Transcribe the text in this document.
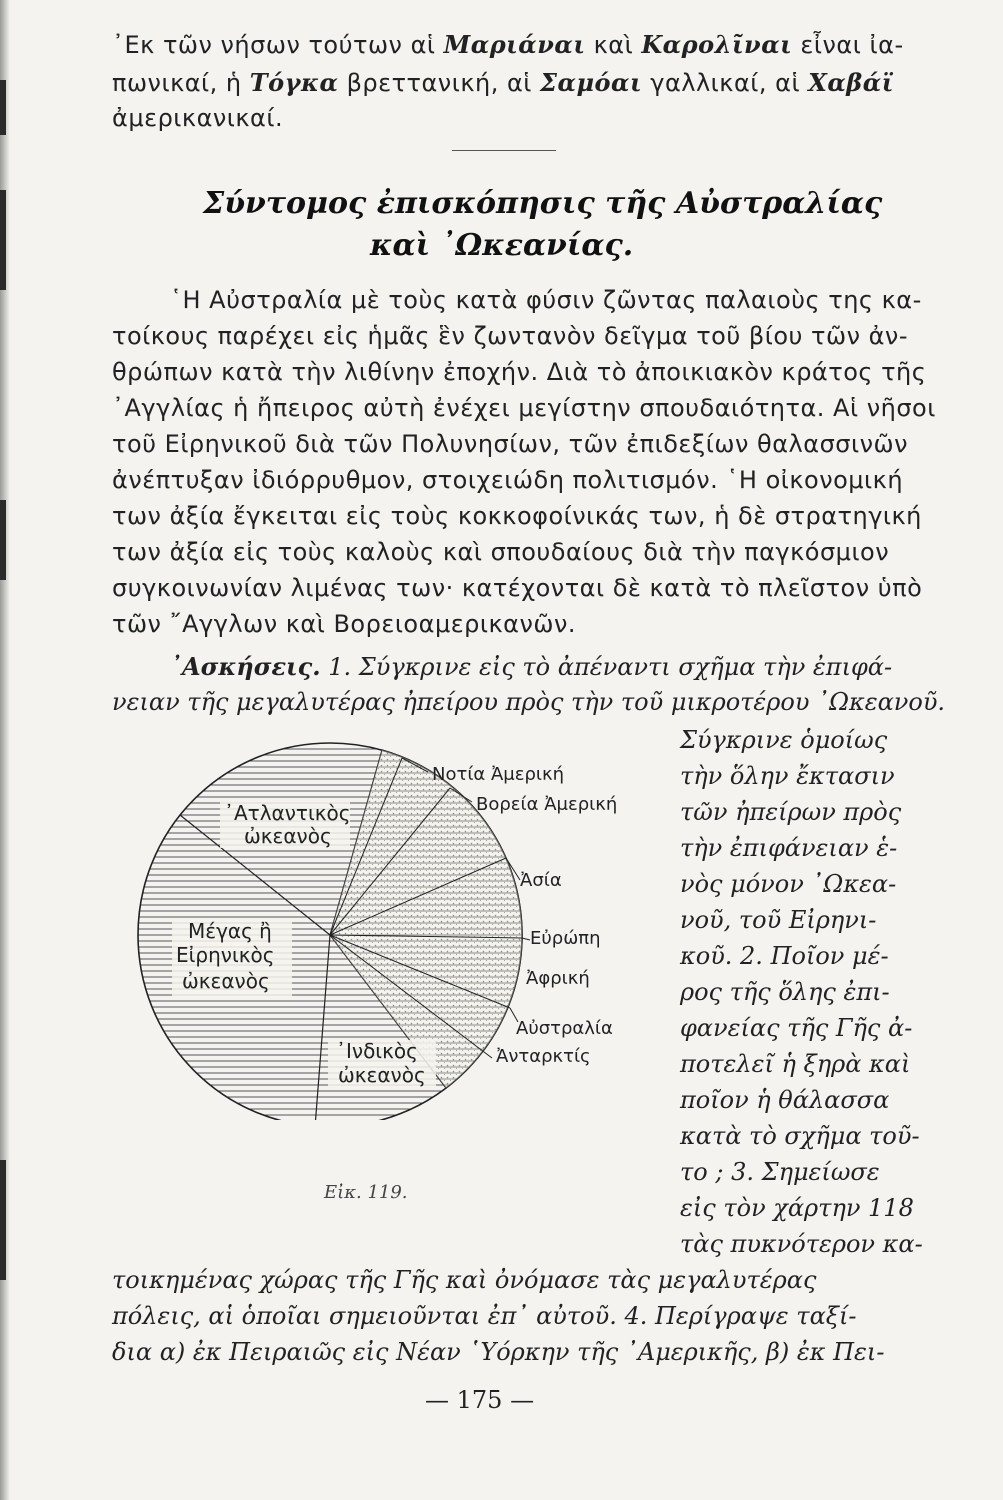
᾿Εκ τῶν νήσων τούτων αἱ Μαριάναι καὶ Καρολῖναι εἶναι ἰα-
πωνικαί, ἡ Τόγκα βρεττανική, αἱ Σαμόαι γαλλικαί, αἱ Χαβάϊ
ἀμερικανικαί.
Σύντομος ἐπισκόπησις τῆς Αὐστραλίας
καὶ ᾿Ωκεανίας.
῾Η Αὐστραλία μὲ τοὺς κατὰ φύσιν ζῶντας παλαιοὺς της κα-
τοίκους παρέχει εἰς ἡμᾶς ἓν ζωντανὸν δεῖγμα τοῦ βίου τῶν ἀν-
θρώπων κατὰ τὴν λιθίνην ἐποχήν. Διὰ τὸ ἀποικιακὸν κράτος τῆς
᾿Αγγλίας ἡ ἤπειρος αὐτὴ ἐνέχει μεγίστην σπουδαιότητα. Αἱ νῆσοι
τοῦ Εἰρηνικοῦ διὰ τῶν Πολυνησίων, τῶν ἐπιδεξίων θαλασσινῶν
ἀνέπτυξαν ἰδιόρρυθμον, στοιχειώδη πολιτισμόν. ῾Η οἰκονομική
των ἀξία ἔγκειται εἰς τοὺς κοκκοφοίνικάς των, ἡ δὲ στρατηγική
των ἀξία εἰς τοὺς καλοὺς καὶ σπουδαίους διὰ τὴν παγκόσμιον
συγκοινωνίαν λιμένας των· κατέχονται δὲ κατὰ τὸ πλεῖστον ὑπὸ
τῶν ῎Αγγλων καὶ Βορειοαμερικανῶν.
᾿Ασκήσεις. 1. Σύγκρινε εἰς τὸ ἀπέναντι σχῆμα τὴν ἐπιφά-
νειαν τῆς μεγαλυτέρας ἠπείρου πρὸς τὴν τοῦ μικροτέρου ᾿Ωκεανοῦ.
Σύγκρινε ὁμοίως
τὴν ὅλην ἔκτασιν
τῶν ἠπείρων πρὸς
τὴν ἐπιφάνειαν ἑ-
νὸς μόνον ᾿Ωκεα-
νοῦ, τοῦ Εἰρηνι-
κοῦ. 2. Ποῖον μέ-
ρος τῆς ὅλης ἐπι-
φανείας τῆς Γῆς ἀ-
ποτελεῖ ἡ ξηρὰ καὶ
ποῖον ἡ θάλασσα
κατὰ τὸ σχῆμα τοῦ-
το ; 3. Σημείωσε
εἰς τὸν χάρτην 118
τὰς πυκνότερον κα-
τοικημένας χώρας τῆς Γῆς καὶ ὀνόμασε τὰς μεγαλυτέρας
πόλεις, αἱ ὁποῖαι σημειοῦνται ἐπ᾿ αὐτοῦ. 4. Περίγραψε ταξί-
δια α) ἐκ Πειραιῶς εἰς Νέαν ῾Υόρκην τῆς ᾿Αμερικῆς, β) ἐκ Πει-
᾿Ατλαντικὸς
ὠκεανὸς
Μέγας ἢ
Εἰρηνικὸς
ὠκεανὸς
᾿Ινδικὸς
ὠκεανὸς
Νοτία Ἀμερική
Βορεία Ἀμερική
Ἀσία
Εὐρώπη
Ἀφρική
Αὐστραλία
Ἀνταρκτίς
Εἰκ. 119.
— 175 —
